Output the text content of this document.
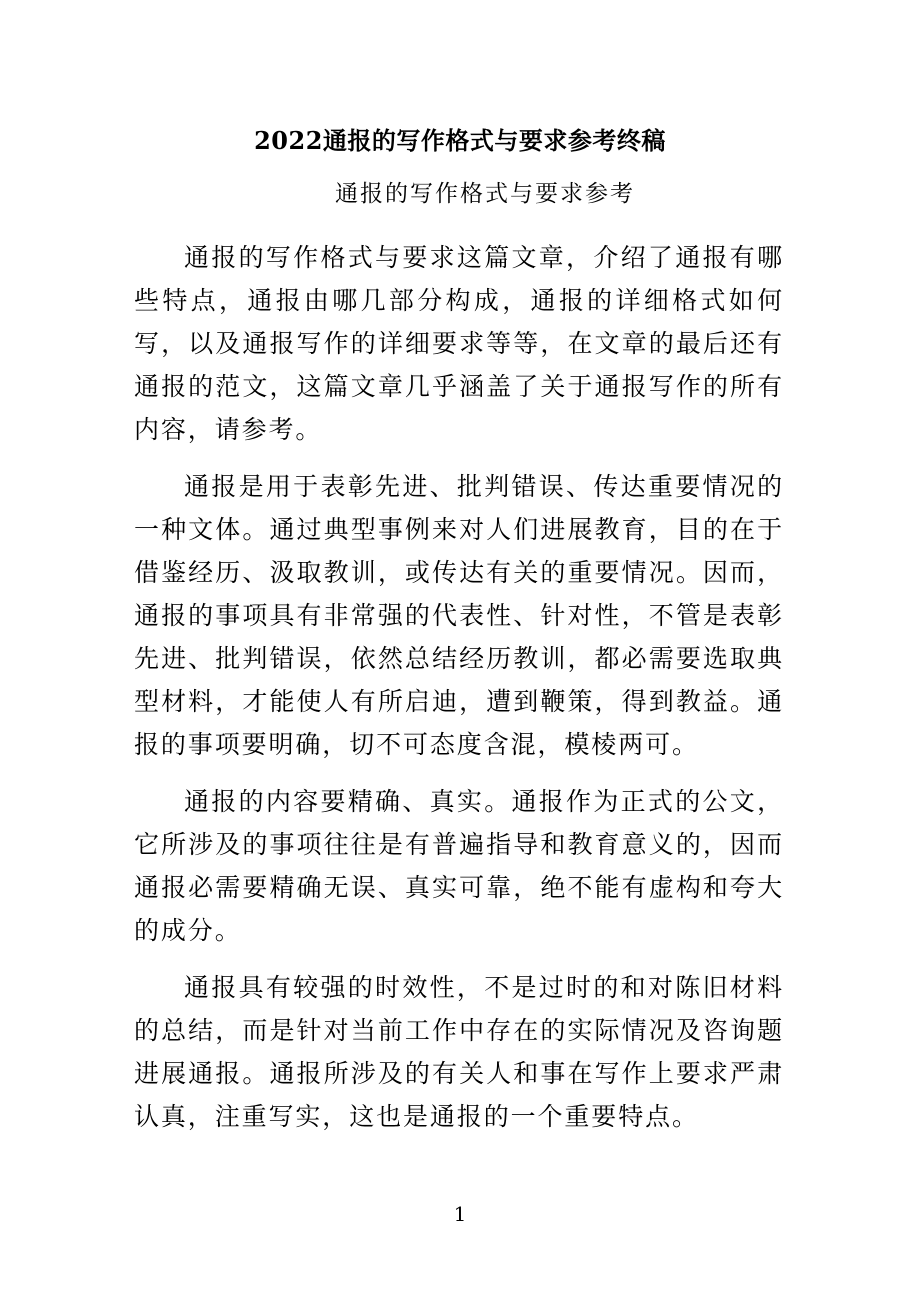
2022通报的写作格式与要求参考终稿
通报的写作格式与要求参考

通报的写作格式与要求这篇文章，介绍了通报有哪些特点，通报由哪几部分构成，通报的详细格式如何写，以及通报写作的详细要求等等，在文章的最后还有通报的范文，这篇文章几乎涵盖了关于通报写作的所有内容，请参考。

通报是用于表彰先进、批判错误、传达重要情况的一种文体。通过典型事例来对人们进展教育，目的在于借鉴经历、汲取教训，或传达有关的重要情况。因而，通报的事项具有非常强的代表性、针对性，不管是表彰先进、批判错误，依然总结经历教训，都必需要选取典型材料，才能使人有所启迪，遭到鞭策，得到教益。通报的事项要明确，切不可态度含混，模棱两可。

通报的内容要精确、真实。通报作为正式的公文，它所涉及的事项往往是有普遍指导和教育意义的，因而通报必需要精确无误、真实可靠，绝不能有虚构和夸大的成分。

通报具有较强的时效性，不是过时的和对陈旧材料的总结，而是针对当前工作中存在的实际情况及咨询题进展通报。通报所涉及的有关人和事在写作上要求严肃认真，注重写实，这也是通报的一个重要特点。

1
